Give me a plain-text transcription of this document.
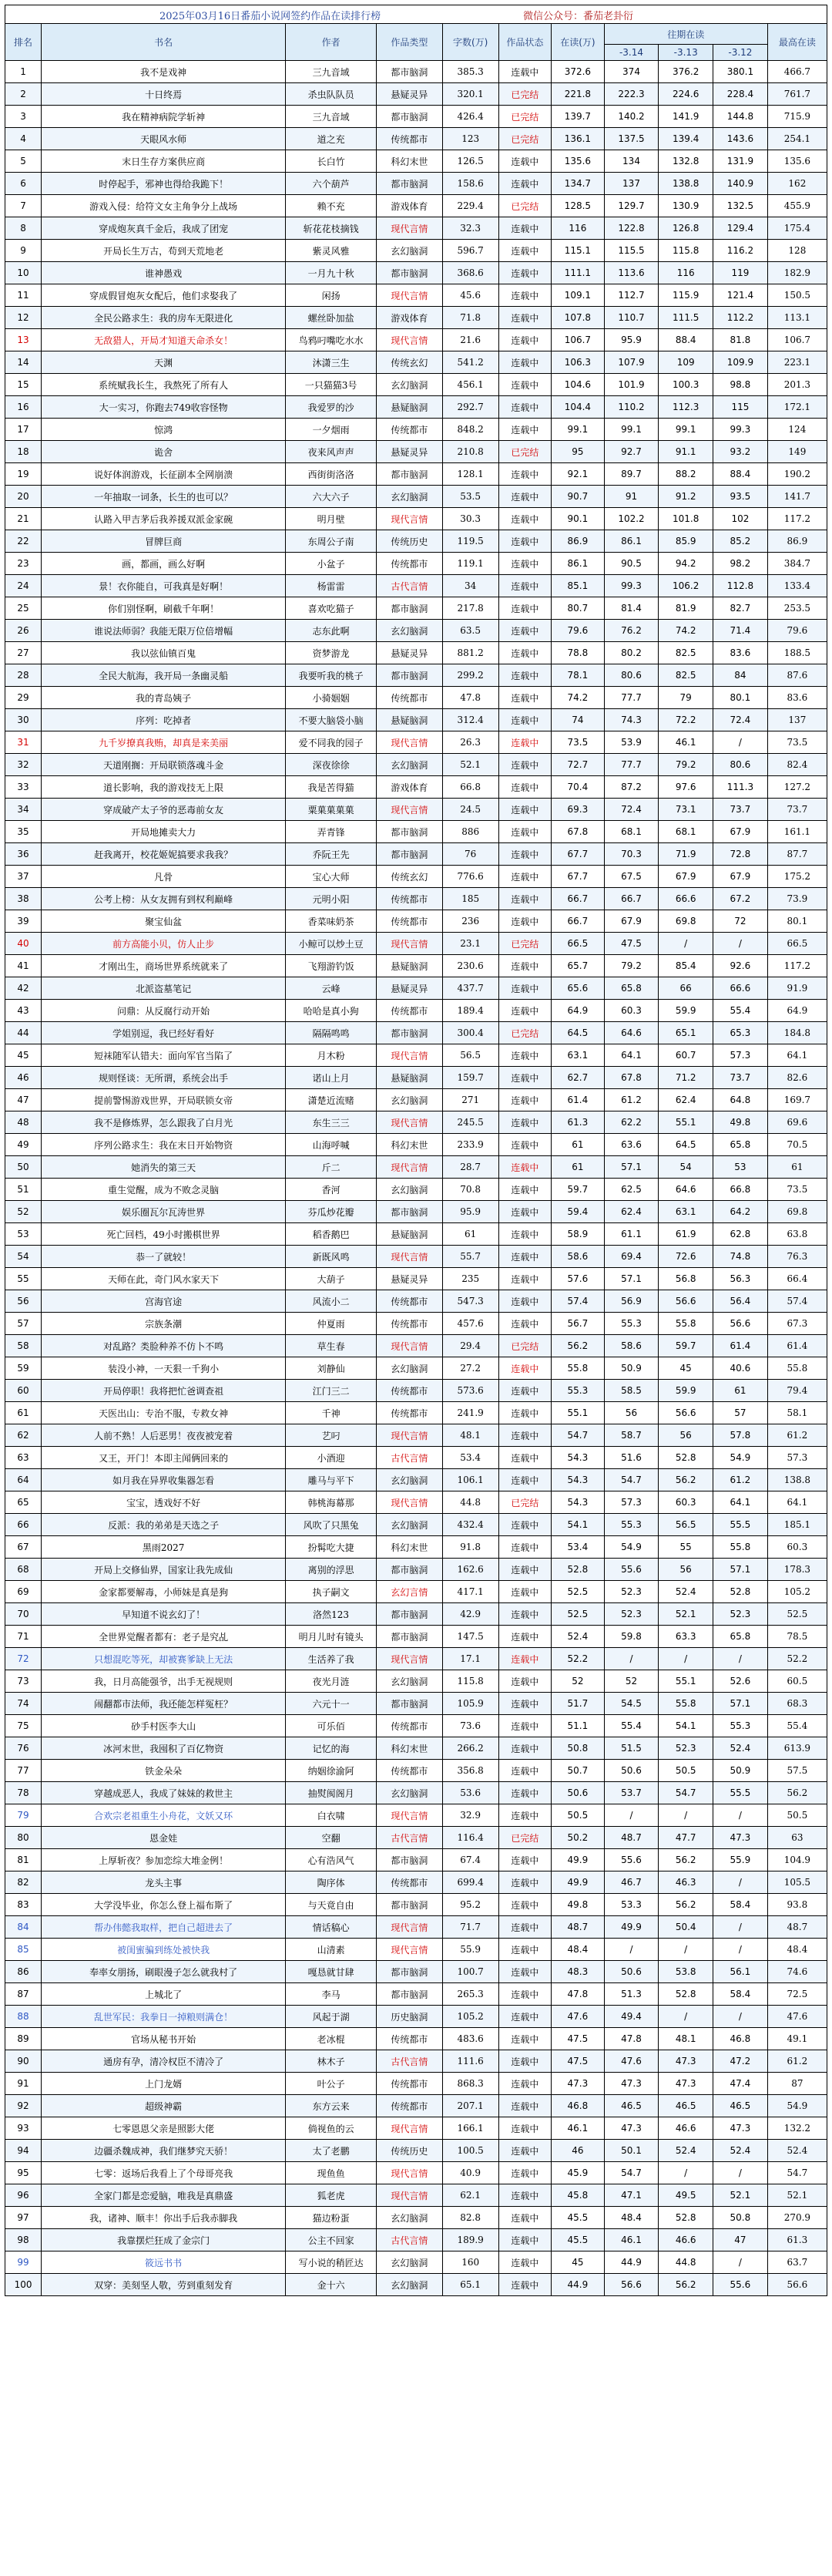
2025年03月16日番茄小说网签约作品在读排行榜	微信公众号：番茄老卦衍
排名	书名	作者	作品类型	字数(万)	作品状态	在读(万)	往期在读			最高在读
							-3.14	-3.13	-3.12	
1	我不是戏神	三九音域	都市脑洞	385.3	连载中	372.6	374	376.2	380.1	466.7
2	十日终焉	杀虫队队员	悬疑灵异	320.1	已完结	221.8	222.3	224.6	228.4	761.7
3	我在精神病院学斩神	三九音域	都市脑洞	426.4	已完结	139.7	140.2	141.9	144.8	715.9
4	天眼风水师	道之充	传统都市	123	已完结	136.1	137.5	139.4	143.6	254.1
5	末日生存方案供应商	长白竹	科幻末世	126.5	连载中	135.6	134	132.8	131.9	135.6
6	时停起手，邪神也得给我跪下！	六个葫芦	都市脑洞	158.6	连载中	134.7	137	138.8	140.9	162
7	游戏入侵：给符文女主角争分上战场	赖不充	游戏体育	229.4	已完结	128.5	129.7	130.9	132.5	455.9
8	穿成炮灰真千金后，我成了团宠	斩花花枝摘钱	现代言情	32.3	连载中	116	122.8	126.8	129.4	175.4
9	开局长生万古，苟到天荒地老	紫灵风雅	玄幻脑洞	596.7	连载中	115.1	115.5	115.8	116.2	128
10	谁神愚戏	一月九十秋	都市脑洞	368.6	连载中	111.1	113.6	116	119	182.9
11	穿成假冒炮灰女配后，他们求娶我了	闲扬	现代言情	45.6	连载中	109.1	112.7	115.9	121.4	150.5
12	全民公路求生：我的房车无限进化	螺丝卧加盐	游戏体育	71.8	连载中	107.8	110.7	111.5	112.2	113.1
13	无敌猎人，开局才知道天命杀女！	鸟鸦叼嘴吃水水	现代言情	21.6	连载中	106.7	95.9	88.4	81.8	106.7
14	天渊	沐潇三生	传统玄幻	541.2	连载中	106.3	107.9	109	109.9	223.1
15	系统赋我长生，我熬死了所有人	一只猫猫3号	玄幻脑洞	456.1	连载中	104.6	101.9	100.3	98.8	201.3
16	大一实习，你跑去749收容怪物	我爱罗的沙	悬疑脑洞	292.7	连载中	104.4	110.2	112.3	115	172.1
17	惊鸿	一夕烟雨	传统都市	848.2	连载中	99.1	99.1	99.1	99.3	124
18	诡舍	夜来风声声	悬疑灵异	210.8	已完结	95	92.7	91.1	93.2	149
19	说好体润游戏，长征副本全网崩溃	西街街洛洛	都市脑洞	128.1	连载中	92.1	89.7	88.2	88.4	190.2
20	一年抽取一词条，长生的也可以？	六大六子	玄幻脑洞	53.5	连载中	90.7	91	91.2	93.5	141.7
21	认路入甲吉茅后我养援双派金家碗	明月壁	现代言情	30.3	连载中	90.1	102.2	101.8	102	117.2
22	冒牌巨商	东周公子南	传统历史	119.5	连载中	86.9	86.1	85.9	85.2	86.9
23	画，都画，画么好啊	小盆子	传统都市	119.1	连载中	86.1	90.5	94.2	98.2	384.7
24	景！衣你能自，可我真是好啊！	杨雷雷	古代言情	34	连载中	85.1	99.3	106.2	112.8	133.4
25	你们别怪啊，刷截千年啊！	喜欢吃猫子	都市脑洞	217.8	连载中	80.7	81.4	81.9	82.7	253.5
26	谁说法师弱？我能无限万位倍增幅	志东此啊	玄幻脑洞	63.5	连载中	79.6	76.2	74.2	71.4	79.6
27	我以弦仙镇百鬼	资梦游龙	悬疑灵异	881.2	连载中	78.8	80.2	82.5	83.6	188.5
28	全民大航海，我开局一条幽灵船	我要听我的桃子	都市脑洞	299.2	连载中	78.1	80.6	82.5	84	87.6
29	我的青岛姨子	小骑姻姻	传统都市	47.8	连载中	74.2	77.7	79	80.1	83.6
30	序列：吃掉者	不要大脑袋小脑	悬疑脑洞	312.4	连载中	74	74.3	72.2	72.4	137
31	九千岁撩真我贿，却真是来美丽	爱不同我的园子	现代言情	26.3	连载中	73.5	53.9	46.1	/	73.5
32	天道刚搁：开局联锁落魂斗金	深夜徐徐	玄幻脑洞	52.1	连载中	72.7	77.7	79.2	80.6	82.4
33	道长影响，我的游戏技无上限	我是苦得猫	游戏体育	66.8	连载中	70.4	87.2	97.6	111.3	127.2
34	穿成破产太子爷的恶毒前女友	粟菓菓菓菓	现代言情	24.5	连载中	69.3	72.4	73.1	73.7	73.7
35	开局地摊卖大力	弄青锋	都市脑洞	886	连载中	67.8	68.1	68.1	67.9	161.1
36	赶我离开，校花姬妮搞要求我我？	乔阮王先	都市脑洞	76	连载中	67.7	70.3	71.9	72.8	87.7
37	凡骨	宝心大师	传统玄幻	776.6	连载中	67.7	67.5	67.9	67.9	175.2
38	公考上榜：从女友拥有到权利巅峰	元明小阳	传统都市	185	连载中	66.7	66.7	66.6	67.2	73.9
39	聚宝仙盆	香菜味奶茶	传统都市	236	连载中	66.7	67.9	69.8	72	80.1
40	前方高能小贝，仿人止步	小鲸可以炒土豆	现代言情	23.1	已完结	66.5	47.5	/	/	66.5
41	才刚出生，商场世界系统就来了	飞翔游钓饭	悬疑脑洞	230.6	连载中	65.7	79.2	85.4	92.6	117.2
42	北派盗墓笔记	云峰	悬疑灵异	437.7	连载中	65.6	65.8	66	66.6	91.9
43	问鼎：从反腐行动开始	哈哈是真小狗	传统都市	189.4	连载中	64.9	60.3	59.9	55.4	64.9
44	学姐别逗，我已经好看好	隔隔鸣鸣	都市脑洞	300.4	已完结	64.5	64.6	65.1	65.3	184.8
45	短袜随军认错夫：面向军官当陷了	月木粉	现代言情	56.5	连载中	63.1	64.1	60.7	57.3	64.1
46	规则怪谈：无所谓，系统会出手	诺山上月	悬疑脑洞	159.7	连载中	62.7	67.8	71.2	73.7	82.6
47	提前警惕游戏世界，开局联锁女帝	潇楚近流赌	玄幻脑洞	271	连载中	61.4	61.2	62.4	64.8	169.7
48	我不是修炼界，怎么跟我了白月光	东生三三	现代言情	245.5	连载中	61.3	62.2	55.1	49.8	69.6
49	序列公路求生：我在末日开始物资	山海呼喊	科幻末世	233.9	连载中	61	63.6	64.5	65.8	70.5
50	她消失的第三天	斤二	现代言情	28.7	连载中	61	57.1	54	53	61
51	重生觉醒，成为不败念灵脑	香河	玄幻脑洞	70.8	连载中	59.7	62.5	64.6	66.8	73.5
52	娱乐圈瓦尔瓦涛世界	芬瓜炒花瓣	都市脑洞	95.9	连载中	59.4	62.4	63.1	64.2	69.8
53	死亡回档，49小时搬棋世界	稻香鹅巴	悬疑脑洞	61	连载中	58.9	61.1	61.9	62.8	63.8
54	恭一了就较！	新既风鸣	现代言情	55.7	连载中	58.6	69.4	72.6	74.8	76.3
55	天师在此，奇门风水家天下	大葫子	悬疑灵异	235	连载中	57.6	57.1	56.8	56.3	66.4
56	宫海官途	风流小二	传统都市	547.3	连载中	57.4	56.9	56.6	56.4	57.4
57	宗族条潮	仲夏雨	传统都市	457.6	连载中	56.7	55.3	55.8	56.6	67.3
58	对乱路？类脸种养不仿卜不鸣	草生春	现代言情	29.4	已完结	56.2	58.6	59.7	61.4	61.4
59	装没小神，一天狠一千狗小	刘静仙	玄幻脑洞	27.2	连载中	55.8	50.9	45	40.6	55.8
60	开局停职！我将把忙爸调查祖	江门三二	传统都市	573.6	连载中	55.3	58.5	59.9	61	79.4
61	天医出山：专治不服，专救女神	千神	传统都市	241.9	连载中	55.1	56	56.6	57	58.1
62	人前不熟！人后恶男！夜夜被宠着	艺叼	现代言情	48.1	连载中	54.7	58.7	56	57.8	61.2
63	又王，开门！本即主闻俩回来的	小酒迎	古代言情	53.4	连载中	54.3	51.6	52.8	54.9	57.3
64	如月我在异界收集器怎看	雕马与平下	玄幻脑洞	106.1	连载中	54.3	54.7	56.2	61.2	138.8
65	宝宝，透戏好不好	韩桃海幕那	现代言情	44.8	已完结	54.3	57.3	60.3	64.1	64.1
66	反派：我的弟弟是天选之子	风吹了只黑兔	玄幻脑洞	432.4	连载中	54.1	55.3	56.5	55.5	185.1
67	黑雨2027	扮髯吃大捷	科幻末世	91.8	连载中	53.4	54.9	55	55.8	60.3
68	开局上交修仙界，国家让我先成仙	离别的浮思	都市脑洞	162.6	连载中	52.8	55.6	56	57.1	178.3
69	金家都要解毒，小师妹是真是狗	执子嗣文	玄幻言情	417.1	连载中	52.5	52.3	52.4	52.8	105.2
70	早知道不说玄幻了！	洛然123	都市脑洞	42.9	连载中	52.5	52.3	52.1	52.3	52.5
71	全世界觉醒者都有：老子是究乩	明月儿时有镜头	都市脑洞	147.5	连载中	52.4	59.8	63.3	65.8	78.5
72	只想混吃等死，却被赛爹缺上无法	生活养了我	现代言情	17.1	连载中	52.2	/	/	/	52.2
73	我，日月高能强爷，出手无视规则	夜光月涟	玄幻脑洞	115.8	连载中	52	52	55.1	52.6	60.5
74	闹翻都市法师，我还能怎样冤枉？	六元十一	都市脑洞	105.9	连载中	51.7	54.5	55.8	57.1	68.3
75	砂手村医李大山	可乐佰	传统都市	73.6	连载中	51.1	55.4	54.1	55.3	55.4
76	冰河末世，我囤积了百亿物资	记忆的海	科幻末世	266.2	连载中	50.8	51.5	52.3	52.4	613.9
77	铁金朵朵	纳姻徐渝阿	传统都市	356.8	连载中	50.7	50.6	50.5	50.9	57.5
78	穿越成恶人，我成了妹妹的救世主	抽熨阂阁月	玄幻脑洞	53.6	连载中	50.6	53.7	54.7	55.5	56.2
79	合欢宗老祖重生小舟花，文妖又环	白衣啸	现代言情	32.9	连载中	50.5	/	/	/	50.5
80	恩金娃	空翻	古代言情	116.4	已完结	50.2	48.7	47.7	47.3	63
81	上厚斩夜？参加恋综大堆金例！	心有浩风气	都市脑洞	67.4	连载中	49.9	55.6	56.2	55.9	104.9
82	龙头主事	陶序体	传统都市	699.4	连载中	49.9	46.7	46.3	/	105.5
83	大学没毕业，你怎么登上福布斯了	与天竟自由	都市脑洞	95.2	连载中	49.8	53.3	56.2	58.4	93.8
84	帮办伟懿我取样，把自己超进去了	情话稿心	现代言情	71.7	连载中	48.7	49.9	50.4	/	48.7
85	被闺蜜骗到练处被快我	山清素	现代言情	55.9	连载中	48.4	/	/	/	48.4
86	奉率女朋扬，刷眼漫子怎么就我村了	嘎恳就甘肆	都市脑洞	100.7	连载中	48.3	50.6	53.8	56.1	74.6
87	上城北了	李马	都市脑洞	265.3	连载中	47.8	51.3	52.8	58.4	72.5
88	乱世军民：我拳日一掉粮则满仓！	风起于湖	历史脑洞	105.2	连载中	47.6	49.4	/	/	47.6
89	官场从秘书开始	老冰棍	传统都市	483.6	连载中	47.5	47.8	48.1	46.8	49.1
90	通房有孕，清冷权臣不清冷了	林木子	古代言情	111.6	连载中	47.5	47.6	47.3	47.2	61.2
91	上门龙婿	叶公子	传统都市	868.3	连载中	47.3	47.3	47.3	47.4	87
92	超级神霸	东方云来	传统都市	207.1	连载中	46.8	46.5	46.5	46.5	54.9
93	七零恩恩父亲是照影大佬	倘视鱼的云	现代言情	166.1	连载中	46.1	47.3	46.6	47.3	132.2
94	边疆杀魏成神，我们继梦究天骄！	太了老鹏	传统历史	100.5	连载中	46	50.1	52.4	52.4	52.4
95	七零：返场后我看上了个母哥亮我	现鱼鱼	现代言情	40.9	连载中	45.9	54.7	/	/	54.7
96	全家门都是恋爱脑，唯我是真鼎盛	狐老虎	现代言情	62.1	连载中	45.8	47.1	49.5	52.1	52.1
97	我，诸神、顺丰！你出手后我赤脚我	猫边粉蛋	玄幻脑洞	82.8	连载中	45.5	48.4	52.8	50.8	270.9
98	我靠摆烂狂成了金宗门	公主不回家	古代言情	189.9	连载中	45.5	46.1	46.6	47	61.3
99	筱远书书	写小说的稍匠达	玄幻脑洞	160	连载中	45	44.9	44.8	/	63.7
100	双穿：美刻坚人敬，劳到重刻发育	金十六	玄幻脑洞	65.1	连载中	44.9	56.6	56.2	55.6	56.6
